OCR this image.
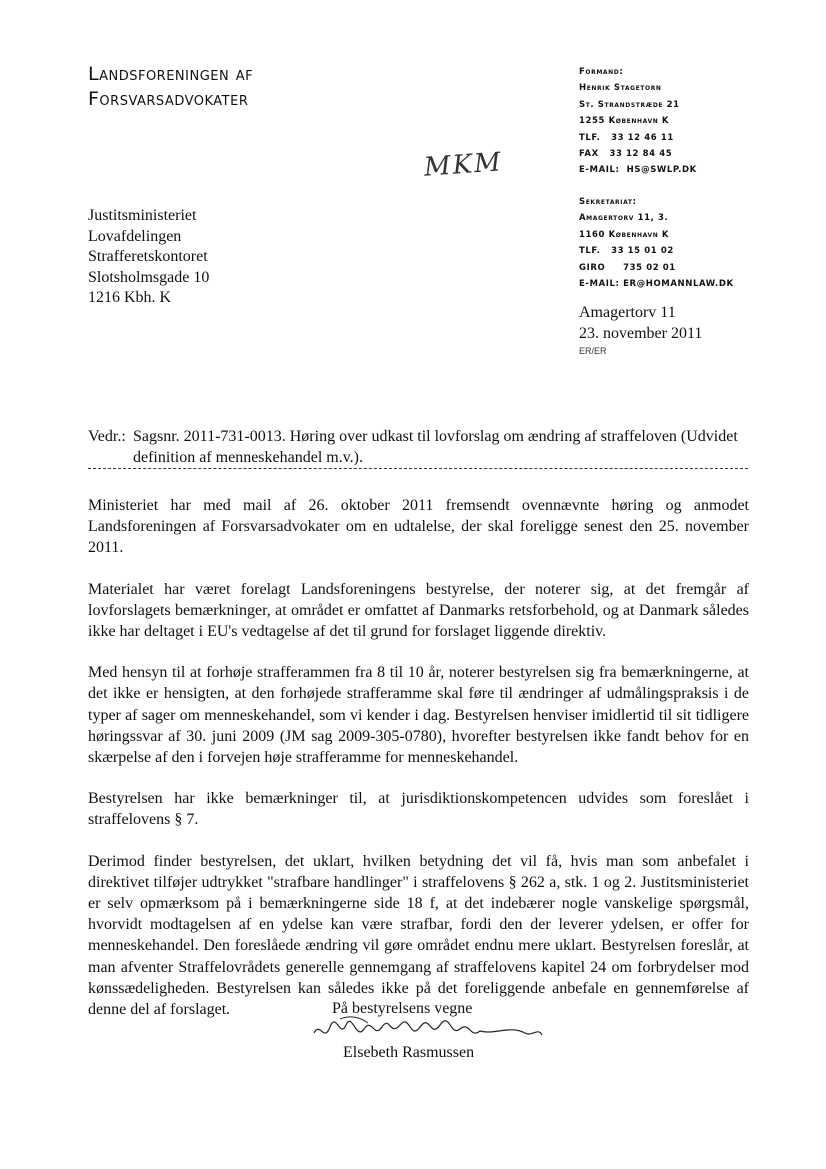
Landsforeningen af
Forsvarsadvokater
Formand:
Henrik Stagetorn
St. Strandstræde 21
1255 København K
TLF.   33 12 46 11
FAX   33 12 84 45
E-MAIL:  HS@SWLP.DK
MKM
Sekretariat:
Amagertorv 11, 3.
1160 København K
TLF.   33 15 01 02
GIRO     735 02 01
E-MAIL: ER@HOMANNLAW.DK
Justitsministeriet
Lovafdelingen
Strafferetskontoret
Slotsholmsgade 10
1216 Kbh. K
Amagertorv 11
23. november 2011
ER/ER
Vedr.: Sagsnr. 2011-731-0013. Høring over udkast til lovforslag om ændring af straffeloven (Udvidet definition af menneskehandel m.v.).

Ministeriet har med mail af 26. oktober 2011 fremsendt ovennævnte høring og anmodet Landsforeningen af Forsvarsadvokater om en udtalelse, der skal foreligge senest den 25. november 2011.

Materialet har været forelagt Landsforeningens bestyrelse, der noterer sig, at det fremgår af lovforslagets bemærkninger, at området er omfattet af Danmarks retsforbehold, og at Danmark således ikke har deltaget i EU's vedtagelse af det til grund for forslaget liggende direktiv.

Med hensyn til at forhøje strafferammen fra 8 til 10 år, noterer bestyrelsen sig fra bemærkningerne, at det ikke er hensigten, at den forhøjede strafferamme skal føre til ændringer af udmålingspraksis i de typer af sager om menneskehandel, som vi kender i dag. Bestyrelsen henviser imidlertid til sit tidligere høringssvar af 30. juni 2009 (JM sag 2009-305-0780), hvorefter bestyrelsen ikke fandt behov for en skærpelse af den i forvejen høje strafferamme for menneskehandel.

Bestyrelsen har ikke bemærkninger til, at jurisdiktionskompetencen udvides som foreslået i straffelovens § 7.

Derimod finder bestyrelsen, det uklart, hvilken betydning det vil få, hvis man som anbefalet i direktivet tilføjer udtrykket "strafbare handlinger" i straffelovens § 262 a, stk. 1 og 2. Justitsministeriet er selv opmærksom på i bemærkningerne side 18 f, at det indebærer nogle vanskelige spørgsmål, hvorvidt modtagelsen af en ydelse kan være strafbar, fordi den der leverer ydelsen, er offer for menneskehandel. Den foreslåede ændring vil gøre området endnu mere uklart. Bestyrelsen foreslår, at man afventer Straffelovrådets generelle gennemgang af straffelovens kapitel 24 om forbrydelser mod kønssædeligheden. Bestyrelsen kan således ikke på det foreliggende anbefale en gennemførelse af denne del af forslaget.	På bestyrelsens vegne
Elsebeth Rasmussen
